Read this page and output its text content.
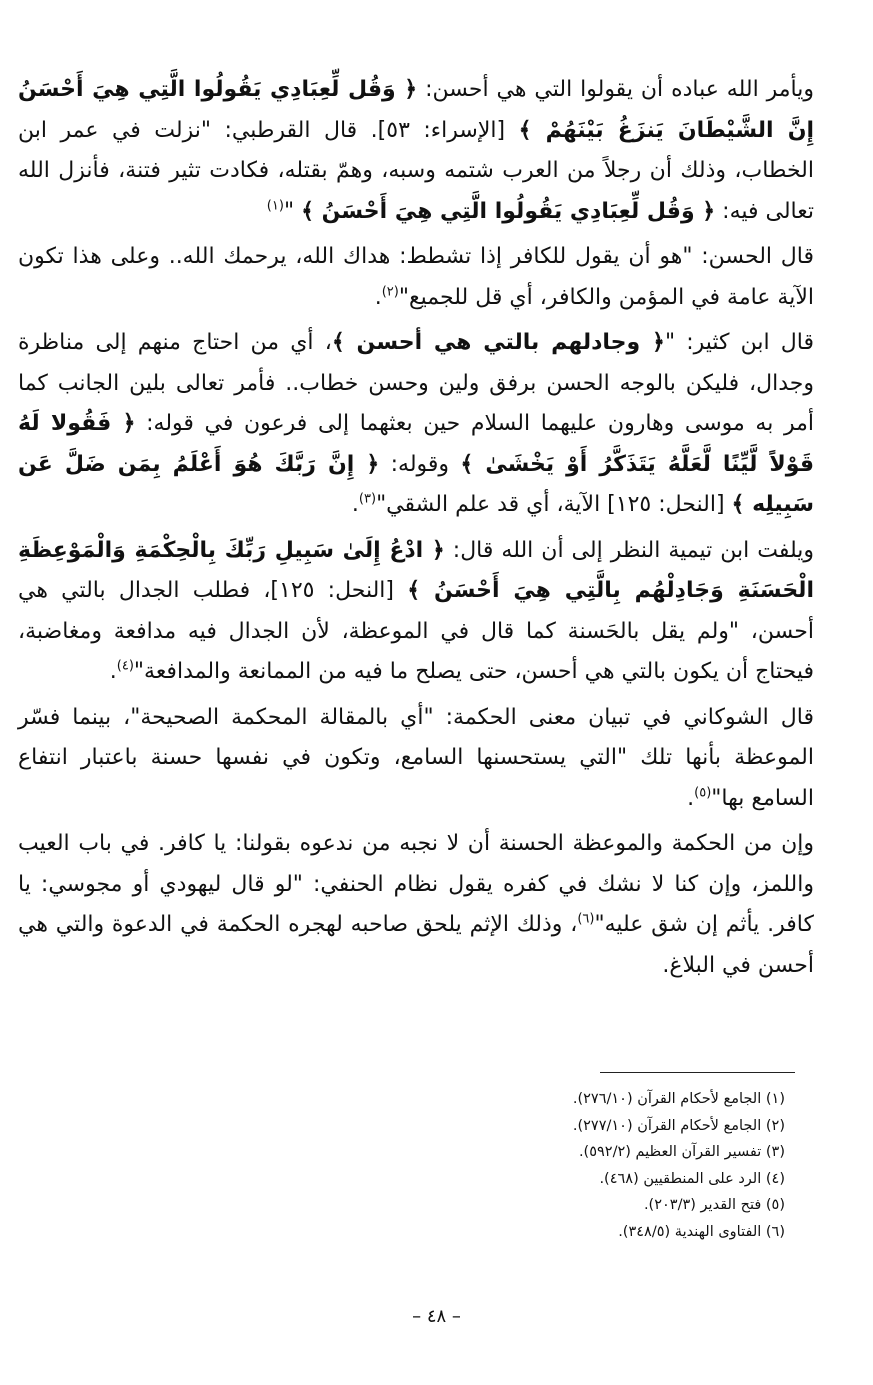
ويأمر الله عباده أن يقولوا التي هي أحسن: ﴿ وَقُل لِّعِبَادِي يَقُولُوا الَّتِي هِيَ أَحْسَنُ إِنَّ الشَّيْطَانَ يَنزَغُ بَيْنَهُمْ ﴾ [الإسراء: ٥٣]. قال القرطبي: "نزلت في عمر ابن الخطاب، وذلك أن رجلاً من العرب شتمه وسبه، وهمّ بقتله، فكادت تثير فتنة، فأنزل الله تعالى فيه: ﴿ وَقُل لِّعِبَادِي يَقُولُوا الَّتِي هِيَ أَحْسَنُ ﴾ "$^{(١)}$

قال الحسن: "هو أن يقول للكافر إذا تشطط: هداك الله، يرحمك الله.. وعلى هذا تكون الآية عامة في المؤمن والكافر، أي قل للجميع"$^{(٢)}$.

قال ابن كثير: "﴿ وجادلهم بالتي هي أحسن ﴾، أي من احتاج منهم إلى مناظرة وجدال، فليكن بالوجه الحسن برفق ولين وحسن خطاب.. فأمر تعالى بلين الجانب كما أمر به موسى وهارون عليهما السلام حين بعثهما إلى فرعون في قوله: ﴿ فَقُولا لَهُ قَوْلاً لَّيِّنًا لَّعَلَّهُ يَتَذَكَّرُ أَوْ يَخْشَىٰ ﴾ وقوله: ﴿ إِنَّ رَبَّكَ هُوَ أَعْلَمُ بِمَن ضَلَّ عَن سَبِيلِه ﴾ [النحل: ١٢٥] الآية، أي قد علم الشقي"$^{(٣)}$.

ويلفت ابن تيمية النظر إلى أن الله قال: ﴿ ادْعُ إِلَىٰ سَبِيلِ رَبِّكَ بِالْحِكْمَةِ وَالْمَوْعِظَةِ الْحَسَنَةِ وَجَادِلْهُم بِالَّتِي هِيَ أَحْسَنُ ﴾ [النحل: ١٢٥]، فطلب الجدال بالتي هي أحسن، "ولم يقل بالحَسنة كما قال في الموعظة، لأن الجدال فيه مدافعة ومغاضبة، فيحتاج أن يكون بالتي هي أحسن، حتى يصلح ما فيه من الممانعة والمدافعة"$^{(٤)}$.

قال الشوكاني في تبيان معنى الحكمة: "أي بالمقالة المحكمة الصحيحة"، بينما فسّر الموعظة بأنها تلك "التي يستحسنها السامع، وتكون في نفسها حسنة باعتبار انتفاع السامع بها"$^{(٥)}$.

وإن من الحكمة والموعظة الحسنة أن لا نجبه من ندعوه بقولنا: يا كافر. في باب العيب واللمز، وإن كنا لا نشك في كفره يقول نظام الحنفي: "لو قال ليهودي أو مجوسي: يا كافر. يأثم إن شق عليه"$^{(٦)}$، وذلك الإثم يلحق صاحبه لهجره الحكمة في الدعوة والتي هي أحسن في البلاغ.

(١) الجامع لأحكام القرآن (٢٧٦/١٠).
(٢) الجامع لأحكام القرآن (٢٧٧/١٠).
(٣) تفسير القرآن العظيم (٥٩٢/٢).
(٤) الرد على المنطقيين (٤٦٨).
(٥) فتح القدير (٢٠٣/٣).
(٦) الفتاوى الهندية (٣٤٨/٥).
– ٤٨ –
